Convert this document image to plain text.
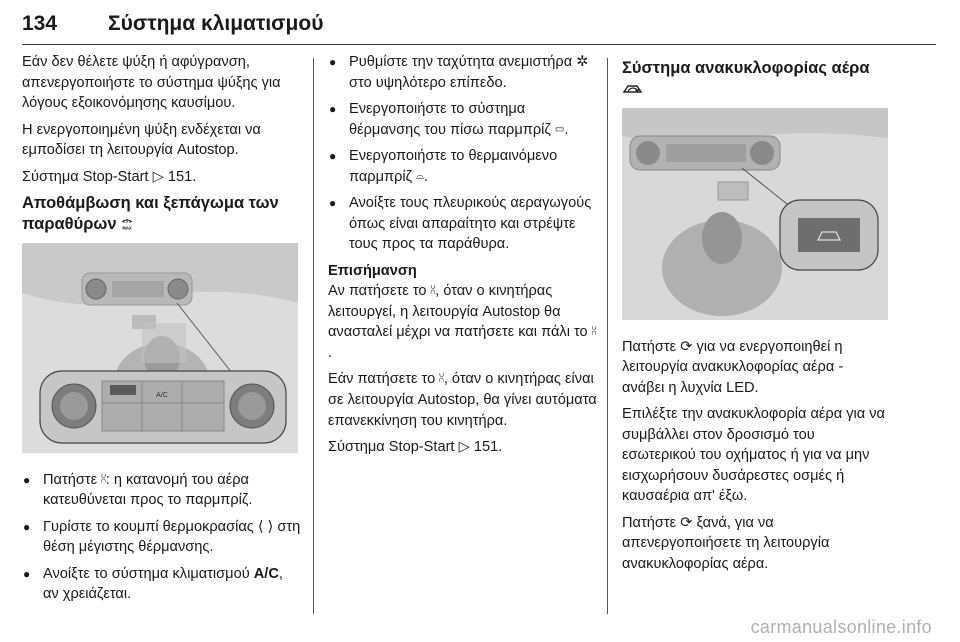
134 Σύστημα κλιματισμού

Εάν δεν θέλετε ψύξη ή αφύγρανση, απενεργοποιήστε το σύστημα ψύξης για λόγους εξοικονόμησης καυσίμου.

Η ενεργοποιημένη ψύξη ενδέχεται να εμποδίσει τη λειτουργία Autostop.

Σύστημα Stop-Start ▷ 151.

Αποθάμβωση και ξεπάγωμα των παραθύρων MAX
A/C
● Πατήστε ⩆: η κατανομή του αέρα κατευθύνεται προς το παρμπρίζ.
● Γυρίστε το κουμπί θερμοκρασίας ⟨ ⟩ στη θέση μέγιστης θέρμανσης.
● Ανοίξτε το σύστημα κλιματισμού A/C, αν χρειάζεται.
● Ρυθμίστε την ταχύτητα ανεμιστήρα ✲ στο υψηλότερο επίπεδο.
● Ενεργοποιήστε το σύστημα θέρμανσης του πίσω παρμπρίζ ▭.
● Ενεργοποιήστε το θερμαινόμενο παρμπρίζ ⌓.
● Ανοίξτε τους πλευρικούς αεραγωγούς όπως είναι απαραίτητο και στρέψτε τους προς τα παράθυρα.
Επισήμανση

Αν πατήσετε το ⩆, όταν ο κινητήρας λειτουργεί, η λειτουργία Autostop θα ανασταλεί μέχρι να πατήσετε και πάλι το ⩆.

Εάν πατήσετε το ⩆, όταν ο κινητήρας είναι σε λειτουργία Autostop, θα γίνει αυτόματα επανεκκίνηση του κινητήρα.

Σύστημα Stop-Start ▷ 151.

Σύστημα ανακυκλοφορίας αέρα

Πατήστε ⟳ για να ενεργοποιηθεί η λειτουργία ανακυκλοφορίας αέρα - ανάβει η λυχνία LED.

Επιλέξτε την ανακυκλοφορία αέρα για να συμβάλλει στον δροσισμό του εσωτερικού του οχήματος ή για να μην εισχωρήσουν δυσάρεστες οσμές ή καυσαέρια απ' έξω.

Πατήστε ⟳ ξανά, για να απενεργοποιήσετε τη λειτουργία ανακυκλοφορίας αέρα.

carmanualsonline.info
